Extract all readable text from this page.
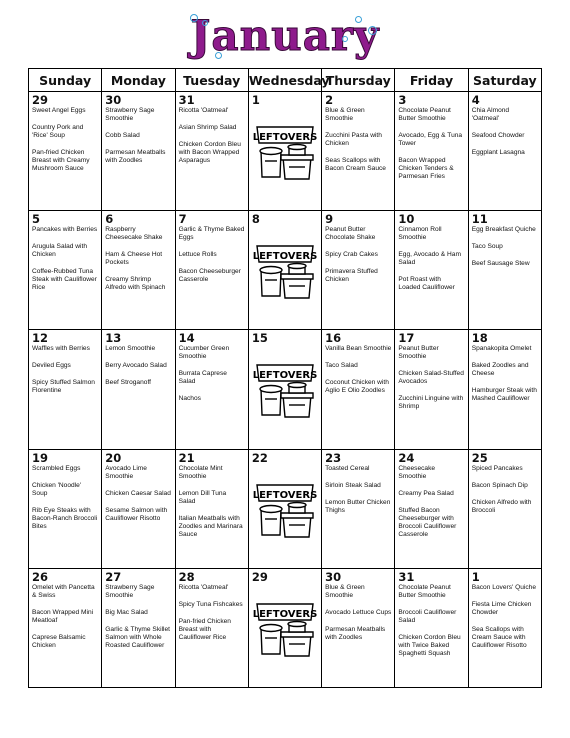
January
Sunday	Monday	Tuesday	Wednesday	Thursday	Friday	Saturday

29
Sweet Angel Eggs
Country Pork and 'Rice' Soup
Pan-fried Chicken Breast with Creamy Mushroom Sauce	30
Strawberry Sage Smoothie
Cobb Salad
Parmesan Meatballs with Zoodles	31
Ricotta 'Oatmeal'
Asian Shrimp Salad
Chicken Cordon Bleu with Bacon Wrapped Asparagus	1
LEFTOVERS	2
Blue & Green Smoothie
Zucchini Pasta with Chicken
Seas Scallops with Bacon Cream Sauce	3
Chocolate Peanut Butter Smoothie
Avocado, Egg & Tuna Tower
Bacon Wrapped Chicken Tenders & Parmesan Fries	4
Chia Almond 'Oatmeal'
Seafood Chowder
Eggplant Lasagna

5
Pancakes with Berries
Arugula Salad with Chicken
Coffee-Rubbed Tuna Steak with Cauliflower Rice	6
Raspberry Cheesecake Shake
Ham & Cheese Hot Pockets
Creamy Shrimp Alfredo with Spinach	7
Garlic & Thyme Baked Eggs
Lettuce Rolls
Bacon Cheeseburger Casserole	8
LEFTOVERS	9
Peanut Butter Chocolate Shake
Spicy Crab Cakes
Primavera Stuffed Chicken	10
Cinnamon Roll Smoothie
Egg, Avocado & Ham Salad
Pot Roast with Loaded Cauliflower	11
Egg Breakfast Quiche
Taco Soup
Beef Sausage Stew

12
Waffles with Berries
Deviled Eggs
Spicy Stuffed Salmon Florentine	13
Lemon Smoothie
Berry Avocado Salad
Beef Stroganoff	14
Cucumber Green Smoothie
Burrata Caprese Salad
Nachos	15
LEFTOVERS	16
Vanilla Bean Smoothie
Taco Salad
Coconut Chicken with Aglio E Olio Zoodles	17
Peanut Butter Smoothie
Chicken Salad-Stuffed Avocados
Zucchini Linguine with Shrimp	18
Spanakopita Omelet
Baked Zoodles and Cheese
Hamburger Steak with Mashed Cauliflower

19
Scrambled Eggs
Chicken 'Noodle' Soup
Rib Eye Steaks with Bacon-Ranch Broccoli Bites	20
Avocado Lime Smoothie
Chicken Caesar Salad
Sesame Salmon with Cauliflower Risotto	21
Chocolate Mint Smoothie
Lemon Dill Tuna Salad
Italian Meatballs with Zoodles and Marinara Sauce	22
LEFTOVERS	23
Toasted Cereal
Sirloin Steak Salad
Lemon Butter Chicken Thighs	24
Cheesecake Smoothie
Creamy Pea Salad
Stuffed Bacon Cheeseburger with Broccoli Cauliflower Casserole	25
Spiced Pancakes
Bacon Spinach Dip
Chicken Alfredo with Broccoli

26
Omelet with Pancetta & Swiss
Bacon Wrapped Mini Meatloaf
Caprese Balsamic Chicken	27
Strawberry Sage Smoothie
Big Mac Salad
Garlic & Thyme Skillet Salmon with Whole Roasted Cauliflower	28
Ricotta 'Oatmeal'
Spicy Tuna Fishcakes
Pan-fried Chicken Breast with Cauliflower Rice	29
LEFTOVERS	30
Blue & Green Smoothie
Avocado Lettuce Cups
Parmesan Meatballs with Zoodles	31
Chocolate Peanut Butter Smoothie
Broccoli Cauliflower Salad
Chicken Cordon Bleu with Twice Baked Spaghetti Squash	1
Bacon Lovers' Quiche
Fiesta Lime Chicken Chowder
Sea Scallops with Cream Sauce with Cauliflower Risotto
